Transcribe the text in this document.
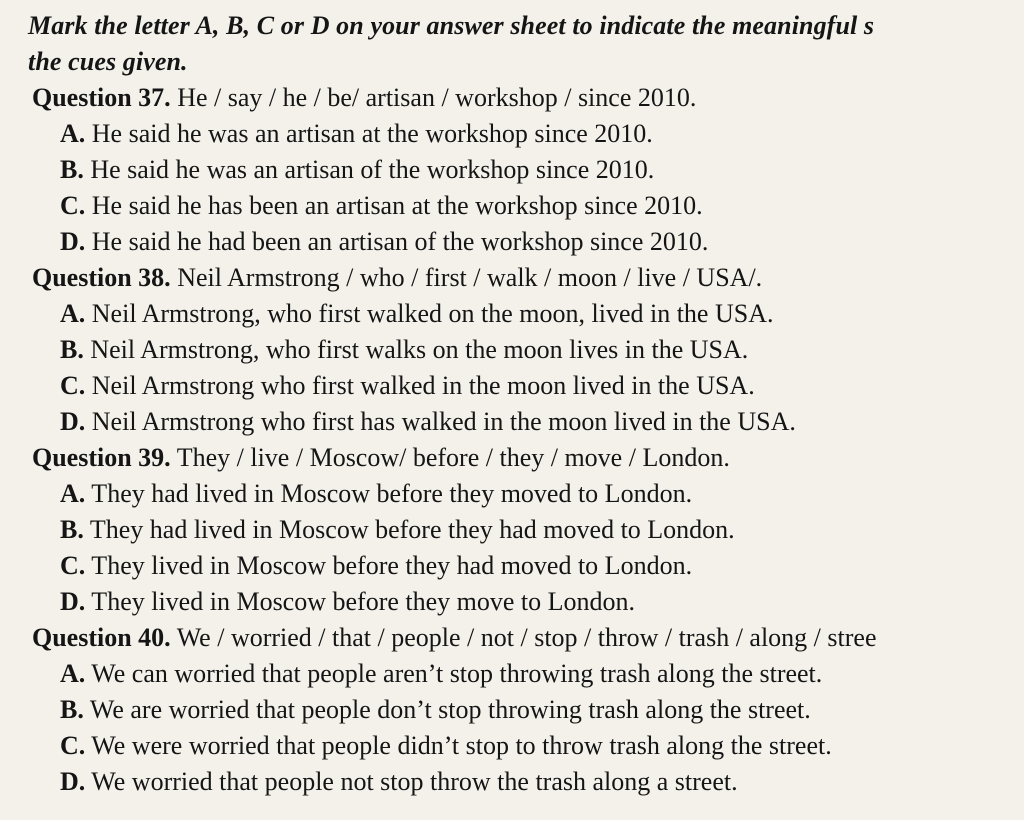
Mark the letter A, B, C or D on your answer sheet to indicate the meaningful s
the cues given.
Question 37. He / say / he / be/ artisan / workshop / since 2010.
A. He said he was an artisan at the workshop since 2010.
B. He said he was an artisan of the workshop since 2010.
C. He said he has been an artisan at the workshop since 2010.
D. He said he had been an artisan of the workshop since 2010.
Question 38. Neil Armstrong / who / first / walk / moon / live / USA/.
A. Neil Armstrong, who first walked on the moon, lived in the USA.
B. Neil Armstrong, who first walks on the moon lives in the USA.
C. Neil Armstrong who first walked in the moon lived in the USA.
D. Neil Armstrong who first has walked in the moon lived in the USA.
Question 39. They / live / Moscow/ before / they / move / London.
A. They had lived in Moscow before they moved to London.
B. They had lived in Moscow before they had moved to London.
C. They lived in Moscow before they had moved to London.
D. They lived in Moscow before they move to London.
Question 40. We / worried / that / people / not / stop / throw / trash / along / stree
A. We can worried that people aren’t stop throwing trash along the street.
B. We are worried that people don’t stop throwing trash along the street.
C. We were worried that people didn’t stop to throw trash along the street.
D. We worried that people not stop throw the trash along a street.
